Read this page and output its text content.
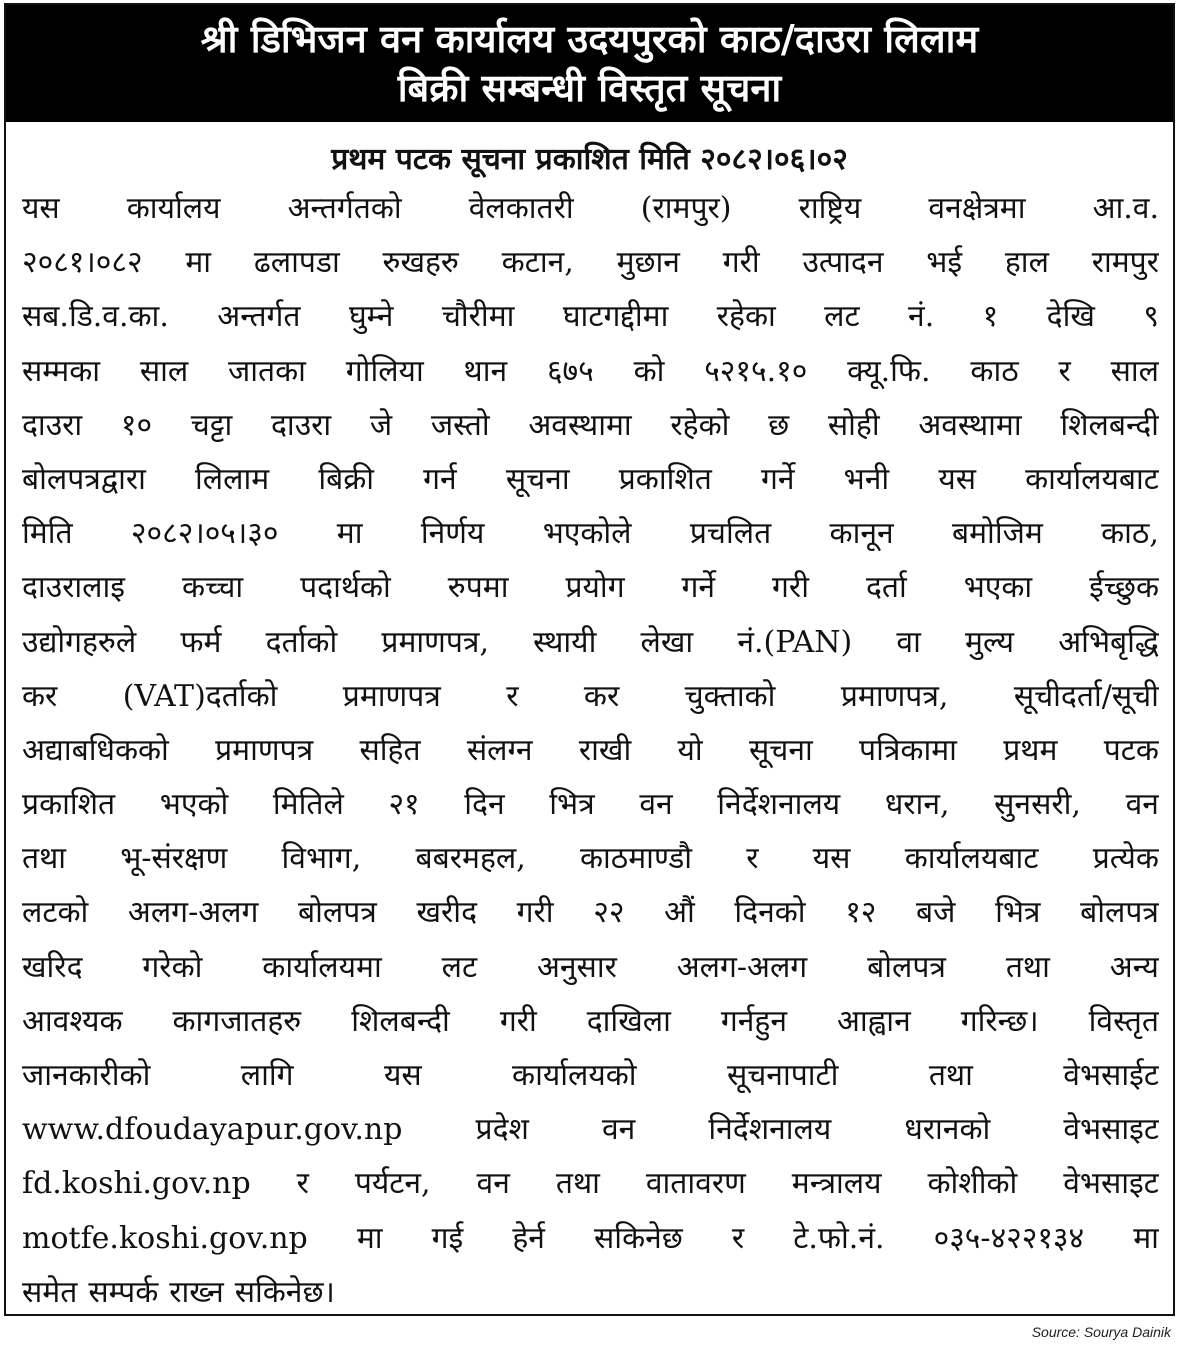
श्री डिभिजन वन कार्यालय उदयपुरको काठ/दाउरा लिलाम
बिक्री सम्बन्धी विस्तृत सूचना
प्रथम पटक सूचना प्रकाशित मिति २०८२।०६।०२
यस कार्यालय अन्तर्गतको वेलकातरी (रामपुर) राष्ट्रिय वनक्षेत्रमा आ.व.
२०८१।०८२ मा ढलापडा रुखहरु कटान, मुछान गरी उत्पादन भई हाल रामपुर
सब.डि.व.का. अन्तर्गत घुम्ने चौरीमा घाटगद्दीमा रहेका लट नं. १ देखि ९
सम्मका साल जातका गोलिया थान ६७५ को ५२१५.१० क्यू.फि. काठ र साल
दाउरा १० चट्टा दाउरा जे जस्तो अवस्थामा रहेको छ सोही अवस्थामा शिलबन्दी
बोलपत्रद्वारा लिलाम बिक्री गर्न सूचना प्रकाशित गर्ने भनी यस कार्यालयबाट
मिति २०८२।०५।३० मा निर्णय भएकोले प्रचलित कानून बमोजिम काठ,
दाउरालाइ कच्चा पदार्थको रुपमा प्रयोग गर्ने गरी दर्ता भएका ईच्छुक
उद्योगहरुले फर्म दर्ताको प्रमाणपत्र, स्थायी लेखा नं.(PAN) वा मुल्य अभिबृद्धि
कर (VAT)दर्ताको प्रमाणपत्र र कर चुक्ताको प्रमाणपत्र, सूचीदर्ता/सूची
अद्याबधिकको प्रमाणपत्र सहित संलग्न राखी यो सूचना पत्रिकामा प्रथम पटक
प्रकाशित भएको मितिले २१ दिन भित्र वन निर्देशनालय धरान, सुनसरी, वन
तथा भू-संरक्षण विभाग, बबरमहल, काठमाण्डौ र यस कार्यालयबाट प्रत्येक
लटको अलग-अलग बोलपत्र खरीद गरी २२ औं दिनको १२ बजे भित्र बोलपत्र
खरिद गरेको कार्यालयमा लट अनुसार अलग-अलग बोलपत्र तथा अन्य
आवश्यक कागजातहरु शिलबन्दी गरी दाखिला गर्नहुन आह्वान गरिन्छ। विस्तृत
जानकारीको	लागि	यस	कार्यालयको	सूचनापाटी	तथा	वेभसाईट
www.dfoudayapur.gov.np प्रदेश वन निर्देशनालय धरानको वेभसाइट
fd.koshi.gov.np र पर्यटन, वन तथा वातावरण मन्त्रालय कोशीको वेभसाइट
motfe.koshi.gov.np मा गई हेर्न सकिनेछ र टे.फो.नं. ०३५-४२२१३४ मा
समेत सम्पर्क राख्न सकिनेछ।
Source: Sourya Dainik
